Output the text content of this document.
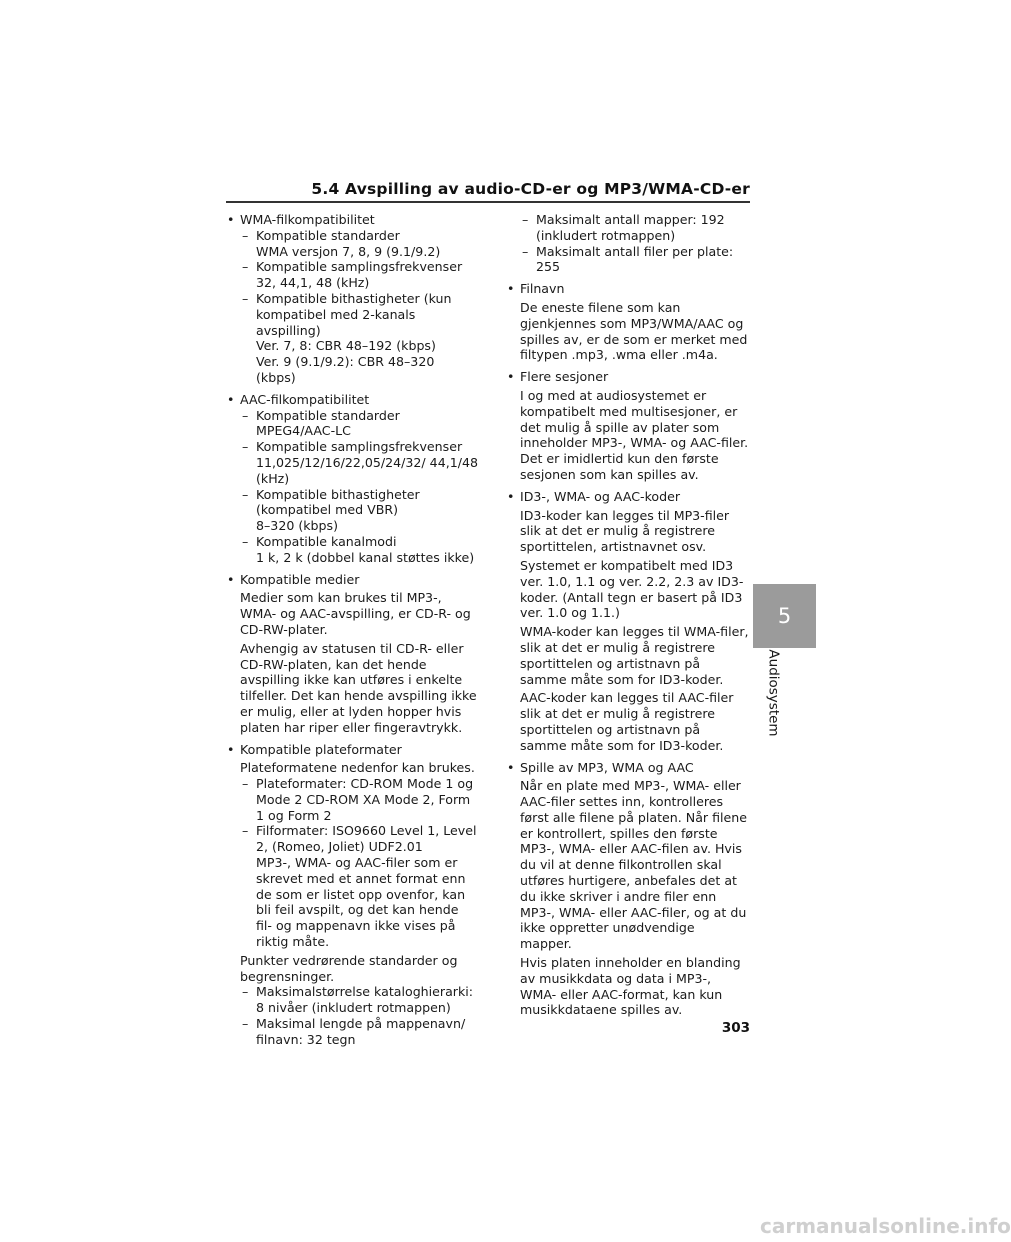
5.4 Avspilling av audio-CD-er og MP3/WMA-CD-er
• WMA-filkompatibilitet
– Kompatible standarder
WMA versjon 7, 8, 9 (9.1/9.2)
– Kompatible samplingsfrekvenser
32, 44,1, 48 (kHz)
– Kompatible bithastigheter (kun kompatibel med 2-kanals avspilling)
Ver. 7, 8: CBR 48–192 (kbps)
Ver. 9 (9.1/9.2): CBR 48–320 (kbps)
• AAC-filkompatibilitet
– Kompatible standarder
MPEG4/AAC-LC
– Kompatible samplingsfrekvenser
11,025/12/16/22,05/24/32/ 44,1/48 (kHz)
– Kompatible bithastigheter (kompatibel med VBR)
8–320 (kbps)
– Kompatible kanalmodi
1 k, 2 k (dobbel kanal støttes ikke)
• Kompatible medier
Medier som kan brukes til MP3-, WMA- og AAC-avspilling, er CD-R- og CD-RW-plater.
Avhengig av statusen til CD-R- eller CD-RW-platen, kan det hende avspilling ikke kan utføres i enkelte tilfeller. Det kan hende avspilling ikke er mulig, eller at lyden hopper hvis platen har riper eller fingeravtrykk.
• Kompatible plateformater
Plateformatene nedenfor kan brukes.
– Plateformater: CD-ROM Mode 1 og Mode 2 CD-ROM XA Mode 2, Form 1 og Form 2
– Filformater: ISO9660 Level 1, Level 2, (Romeo, Joliet) UDF2.01
MP3-, WMA- og AAC-filer som er skrevet med et annet format enn de som er listet opp ovenfor, kan bli feil avspilt, og det kan hende fil- og mappenavn ikke vises på riktig måte.
Punkter vedrørende standarder og begrensninger.
– Maksimalstørrelse kataloghierarki: 8 nivåer (inkludert rotmappen)
– Maksimal lengde på mappenavn/ filnavn: 32 tegn
– Maksimalt antall mapper: 192 (inkludert rotmappen)
– Maksimalt antall filer per plate: 255
• Filnavn
De eneste filene som kan gjenkjennes som MP3/WMA/AAC og spilles av, er de som er merket med filtypen .mp3, .wma eller .m4a.
• Flere sesjoner
I og med at audiosystemet er kompatibelt med multisesjoner, er det mulig å spille av plater som inneholder MP3-, WMA- og AAC-filer. Det er imidlertid kun den første sesjonen som kan spilles av.
• ID3-, WMA- og AAC-koder
ID3-koder kan legges til MP3-filer slik at det er mulig å registrere sportittelen, artistnavnet osv.
Systemet er kompatibelt med ID3 ver. 1.0, 1.1 og ver. 2.2, 2.3 av ID3-koder. (Antall tegn er basert på ID3 ver. 1.0 og 1.1.)
WMA-koder kan legges til WMA-filer, slik at det er mulig å registrere sportittelen og artistnavn på samme måte som for ID3-koder.
AAC-koder kan legges til AAC-filer slik at det er mulig å registrere sportittelen og artistnavn på samme måte som for ID3-koder.
• Spille av MP3, WMA og AAC
Når en plate med MP3-, WMA- eller AAC-filer settes inn, kontrolleres først alle filene på platen. Når filene er kontrollert, spilles den første MP3-, WMA- eller AAC-filen av. Hvis du vil at denne filkontrollen skal utføres hurtigere, anbefales det at du ikke skriver i andre filer enn MP3-, WMA- eller AAC-filer, og at du ikke oppretter unødvendige mapper.
Hvis platen inneholder en blanding av musikkdata og data i MP3-, WMA- eller AAC-format, kan kun musikkdataene spilles av.
5
Audiosystem
303
carmanualsonline.info
